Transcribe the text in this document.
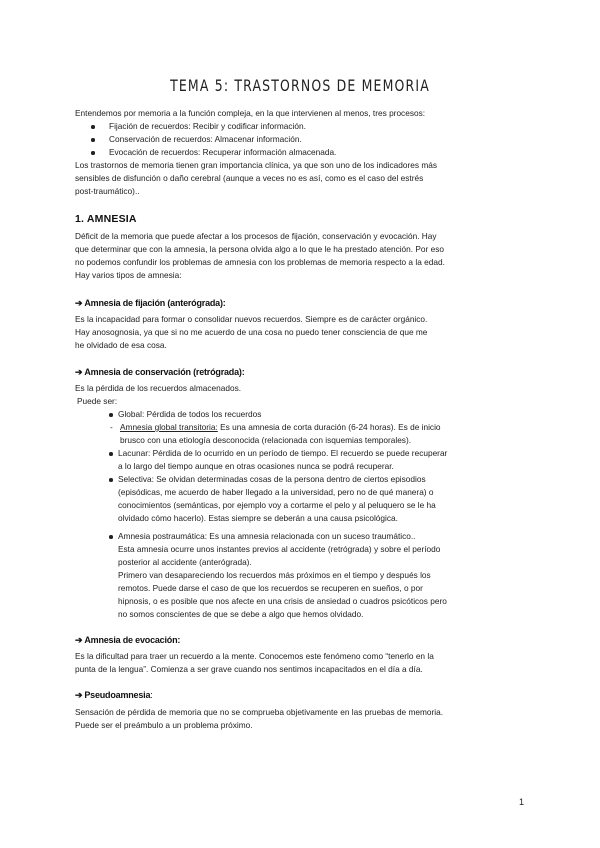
TEMA 5: TRASTORNOS DE MEMORIA
Entendemos por memoria a la función compleja, en la que intervienen al menos, tres procesos:
Fijación de recuerdos: Recibir y codificar información.
Conservación de recuerdos: Almacenar información.
Evocación de recuerdos: Recuperar información almacenada.
Los trastornos de memoria tienen gran importancia clínica, ya que son uno de los indicadores más
sensibles de disfunción o daño cerebral (aunque a veces no es así, como es el caso del estrés
post-traumático)..
1. AMNESIA
Déficit de la memoria que puede afectar a los procesos de fijación, conservación y evocación. Hay
que determinar que con la amnesia, la persona olvida algo a lo que le ha prestado atención. Por eso
no podemos confundir los problemas de amnesia con los problemas de memoria respecto a la edad.
Hay varios tipos de amnesia:
➔ Amnesia de fijación (anterógrada):
Es la incapacidad para formar o consolidar nuevos recuerdos. Siempre es de carácter orgánico.
Hay anosognosia, ya que si no me acuerdo de una cosa no puedo tener consciencia de que me
he olvidado de esa cosa.
➔ Amnesia de conservación (retrógrada):
Es la pérdida de los recuerdos almacenados.
Puede ser:
Global: Pérdida de todos los recuerdos
- Amnesia global transitoria: Es una amnesia de corta duración (6-24 horas). Es de inicio
brusco con una etiología desconocida (relacionada con isquemias temporales).
Lacunar: Pérdida de lo ocurrido en un período de tiempo. El recuerdo se puede recuperar
a lo largo del tiempo aunque en otras ocasiones nunca se podrá recuperar.
Selectiva: Se olvidan determinadas cosas de la persona dentro de ciertos episodios
(episódicas, me acuerdo de haber llegado a la universidad, pero no de qué manera) o
conocimientos (semánticas, por ejemplo voy a cortarme el pelo y al peluquero se le ha
olvidado cómo hacerlo). Estas siempre se deberán a una causa psicológica.
Amnesia postraumática: Es una amnesia relacionada con un suceso traumático..
Esta amnesia ocurre unos instantes previos al accidente (retrógrada) y sobre el período
posterior al accidente (anterógrada).
Primero van desapareciendo los recuerdos más próximos en el tiempo y después los
remotos. Puede darse el caso de que los recuerdos se recuperen en sueños, o por
hipnosis, o es posible que nos afecte en una crisis de ansiedad o cuadros psicóticos pero
no somos conscientes de que se debe a algo que hemos olvidado.
➔ Amnesia de evocación:
Es la dificultad para traer un recuerdo a la mente. Conocemos este fenómeno como “tenerlo en la
punta de la lengua”. Comienza a ser grave cuando nos sentimos incapacitados en el día a día.
➔ Pseudoamnesia:
Sensación de pérdida de memoria que no se comprueba objetivamente en las pruebas de memoria.
Puede ser el preámbulo a un problema próximo.
1
